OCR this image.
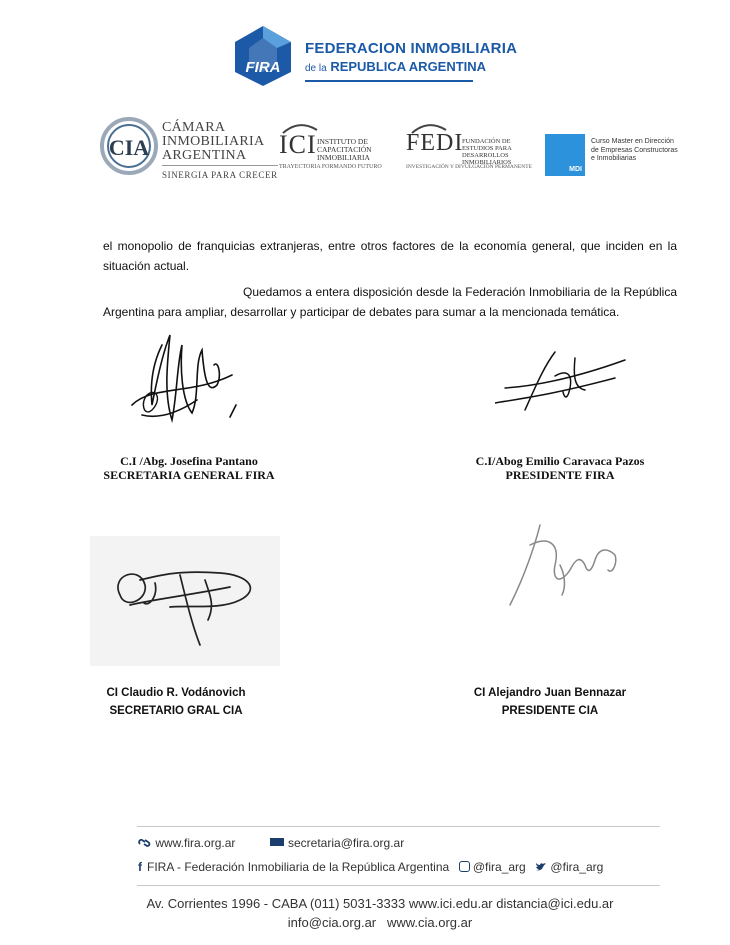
FIRA
FEDERACION INMOBILIARIA
de la REPUBLICA ARGENTINA
CIA
CÁMARA
INMOBILIARIA
ARGENTINA
SINERGIA PARA CRECER
ICI INSTITUTO DE CAPACITACIÓN INMOBILIARIA
TRAYECTORIA FORMANDO FUTURO
FEDI
FUNDACIÓN DE ESTUDIOS PARA DESARROLLOS INMOBILIARIOS
INVESTIGACIÓN Y DIVULGACIÓN PERMANENTE	MDI
Curso Master en Dirección de Empresas Constructoras e Inmobiliarias
el monopolio de franquicias extranjeras, entre otros factores de la economía general, que inciden en la
situación actual.
Quedamos a entera disposición desde la Federación Inmobiliaria de la República
Argentina para ampliar, desarrollar y participar de debates para sumar a la mencionada temática.
C.I /Abg. Josefina Pantano
SECRETARIA GENERAL FIRA
C.I/Abog Emilio Caravaca Pazos
PRESIDENTE FIRA
CI Claudio R. Vodánovich
SECRETARIO GRAL CIA
CI Alejandro Juan Bennazar
PRESIDENTE CIA
www.fira.org.ar	secretaria@fira.org.ar
f FIRA - Federación Inmobiliaria de la República Argentina @fira_arg @fira_arg
Av. Corrientes 1996 - CABA (011) 5031-3333 www.ici.edu.ar distancia@ici.edu.ar
info@cia.org.ar   www.cia.org.ar
